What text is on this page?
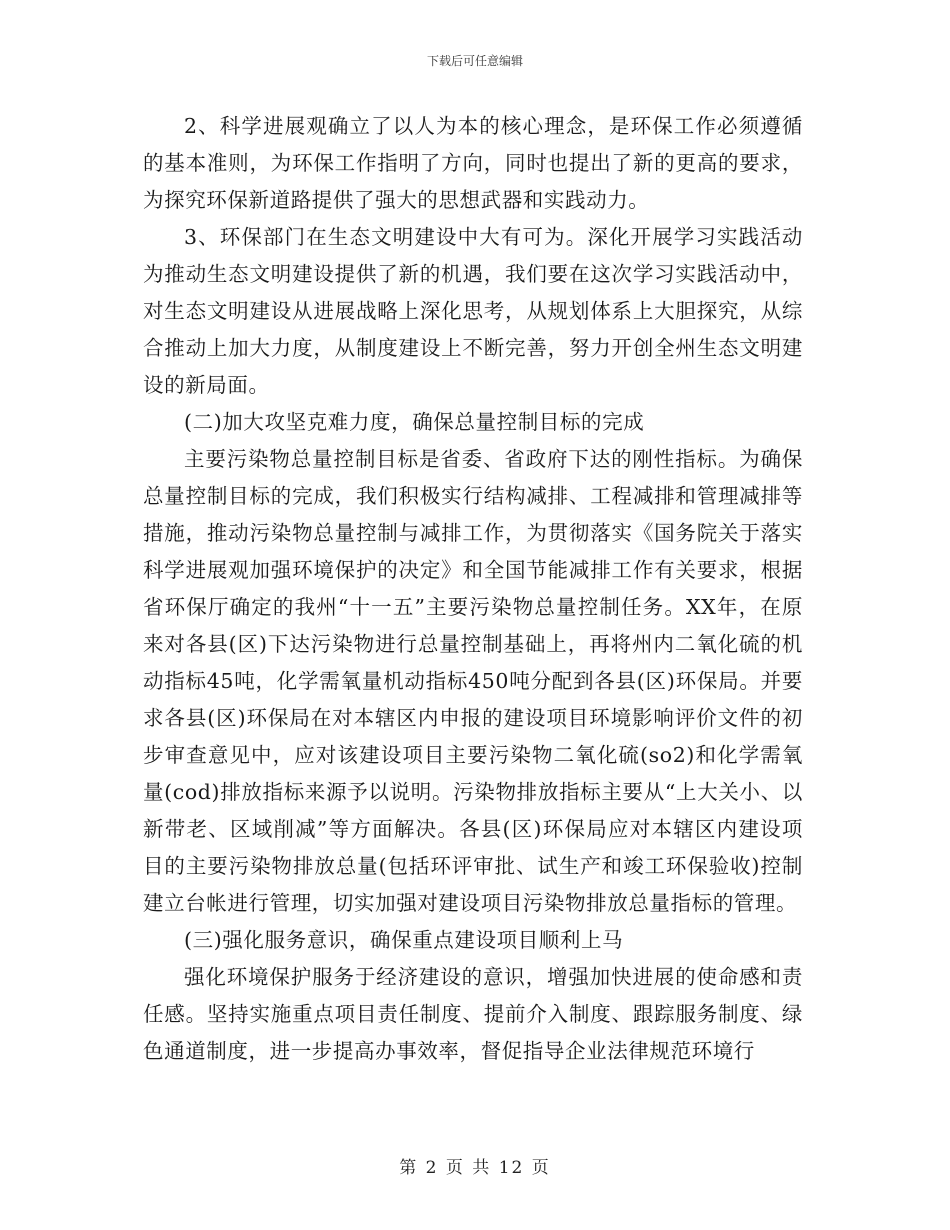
下载后可任意编辑

2、科学进展观确立了以人为本的核心理念，是环保工作必须遵循的基本准则，为环保工作指明了方向，同时也提出了新的更高的要求，为探究环保新道路提供了强大的思想武器和实践动力。

3、环保部门在生态文明建设中大有可为。深化开展学习实践活动为推动生态文明建设提供了新的机遇，我们要在这次学习实践活动中，对生态文明建设从进展战略上深化思考，从规划体系上大胆探究，从综合推动上加大力度，从制度建设上不断完善，努力开创全州生态文明建设的新局面。

(二)加大攻坚克难力度，确保总量控制目标的完成

主要污染物总量控制目标是省委、省政府下达的刚性指标。为确保总量控制目标的完成，我们积极实行结构减排、工程减排和管理减排等措施，推动污染物总量控制与减排工作，为贯彻落实《国务院关于落实科学进展观加强环境保护的决定》和全国节能减排工作有关要求，根据省环保厅确定的我州“十一五”主要污染物总量控制任务。XX年，在原来对各县(区)下达污染物进行总量控制基础上，再将州内二氧化硫的机动指标45吨，化学需氧量机动指标450吨分配到各县(区)环保局。并要求各县(区)环保局在对本辖区内申报的建设项目环境影响评价文件的初步审查意见中，应对该建设项目主要污染物二氧化硫(so2)和化学需氧量(cod)排放指标来源予以说明。污染物排放指标主要从“上大关小、以新带老、区域削减”等方面解决。各县(区)环保局应对本辖区内建设项目的主要污染物排放总量(包括环评审批、试生产和竣工环保验收)控制建立台帐进行管理，切实加强对建设项目污染物排放总量指标的管理。

(三)强化服务意识，确保重点建设项目顺利上马

强化环境保护服务于经济建设的意识，增强加快进展的使命感和责任感。坚持实施重点项目责任制度、提前介入制度、跟踪服务制度、绿色通道制度，进一步提高办事效率，督促指导企业法律规范环境行

第 2 页 共 12 页
